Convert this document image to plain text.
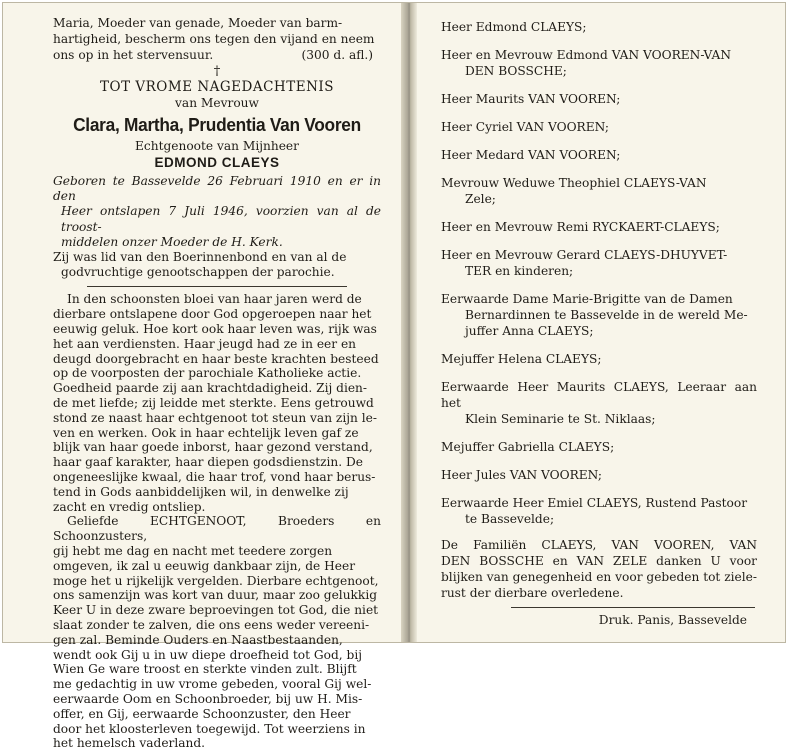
Maria, Moeder van genade, Moeder van barm-

hartigheid, bescherm ons tegen den vijand en neem

ons op in het stervensuur.	(300 d. afl.)

†
TOT VROME NAGEDACHTENIS
van Mevrouw
Clara, Martha, Prudentia Van Vooren
Echtgenoote van Mijnheer
EDMOND CLAEYS

Geboren te Bassevelde 26 Februari 1910 en er in den

Heer ontslapen 7 Juli 1946, voorzien van al de troost-

middelen onzer Moeder de H. Kerk.

Zij was lid van den Boerinnenbond en van al de

godvruchtige genootschappen der parochie.

In den schoonsten bloei van haar jaren werd de

dierbare ontslapene door God opgeroepen naar het

eeuwig geluk. Hoe kort ook haar leven was, rijk was

het aan verdiensten. Haar jeugd had ze in eer en

deugd doorgebracht en haar beste krachten besteed

op de voorposten der parochiale Katholieke actie.

Goedheid paarde zij aan krachtdadigheid. Zij dien-

de met liefde; zij leidde met sterkte. Eens getrouwd

stond ze naast haar echtgenoot tot steun van zijn le-

ven en werken. Ook in haar echtelijk leven gaf ze

blijk van haar goede inborst, haar gezond verstand,

haar gaaf karakter, haar diepen godsdienstzin. De

ongeneeslijke kwaal, die haar trof, vond haar berus-

tend in Gods aanbiddelijken wil, in denwelke zij

zacht en vredig ontsliep.

Geliefde ECHTGENOOT, Broeders en Schoonzusters,

gij hebt me dag en nacht met teedere zorgen

omgeven, ik zal u eeuwig dankbaar zijn, de Heer

moge het u rijkelijk vergelden. Dierbare echtgenoot,

ons samenzijn was kort van duur, maar zoo gelukkig

Keer U in deze zware beproevingen tot God, die niet

slaat zonder te zalven, die ons eens weder vereeni-

gen zal. Beminde Ouders en Naastbestaanden,

wendt ook Gij u in uw diepe droefheid tot God, bij

Wien Ge ware troost en sterkte vinden zult. Blijft

me gedachtig in uw vrome gebeden, vooral Gij wel-

eerwaarde Oom en Schoonbroeder, bij uw H. Mis-

offer, en Gij, eerwaarde Schoonzuster, den Heer

door het kloosterleven toegewijd. Tot weerziens in

het hemelsch vaderland.

Heer Edmond CLAEYS;

Heer en Mevrouw Edmond VAN VOOREN-VAN
DEN BOSSCHE;

Heer Maurits VAN VOOREN;

Heer Cyriel VAN VOOREN;

Heer Medard VAN VOOREN;

Mevrouw Weduwe Theophiel CLAEYS-VAN
Zele;

Heer en Mevrouw Remi RYCKAERT-CLAEYS;

Heer en Mevrouw Gerard CLAEYS-DHUYVET-
TER en kinderen;

Eerwaarde Dame Marie-Brigitte van de Damen
Bernardinnen te Bassevelde in de wereld Me-
juffer Anna CLAEYS;

Mejuffer Helena CLAEYS;

Eerwaarde Heer Maurits CLAEYS, Leeraar aan het
Klein Seminarie te St. Niklaas;

Mejuffer Gabriella CLAEYS;

Heer Jules VAN VOOREN;

Eerwaarde Heer Emiel CLAEYS, Rustend Pastoor
te Bassevelde;

De Familiën CLAEYS, VAN VOOREN, VAN

DEN BOSSCHE en VAN ZELE danken U voor

blijken van genegenheid en voor gebeden tot ziele-

rust der dierbare overledene.

Druk. Panis, Bassevelde
